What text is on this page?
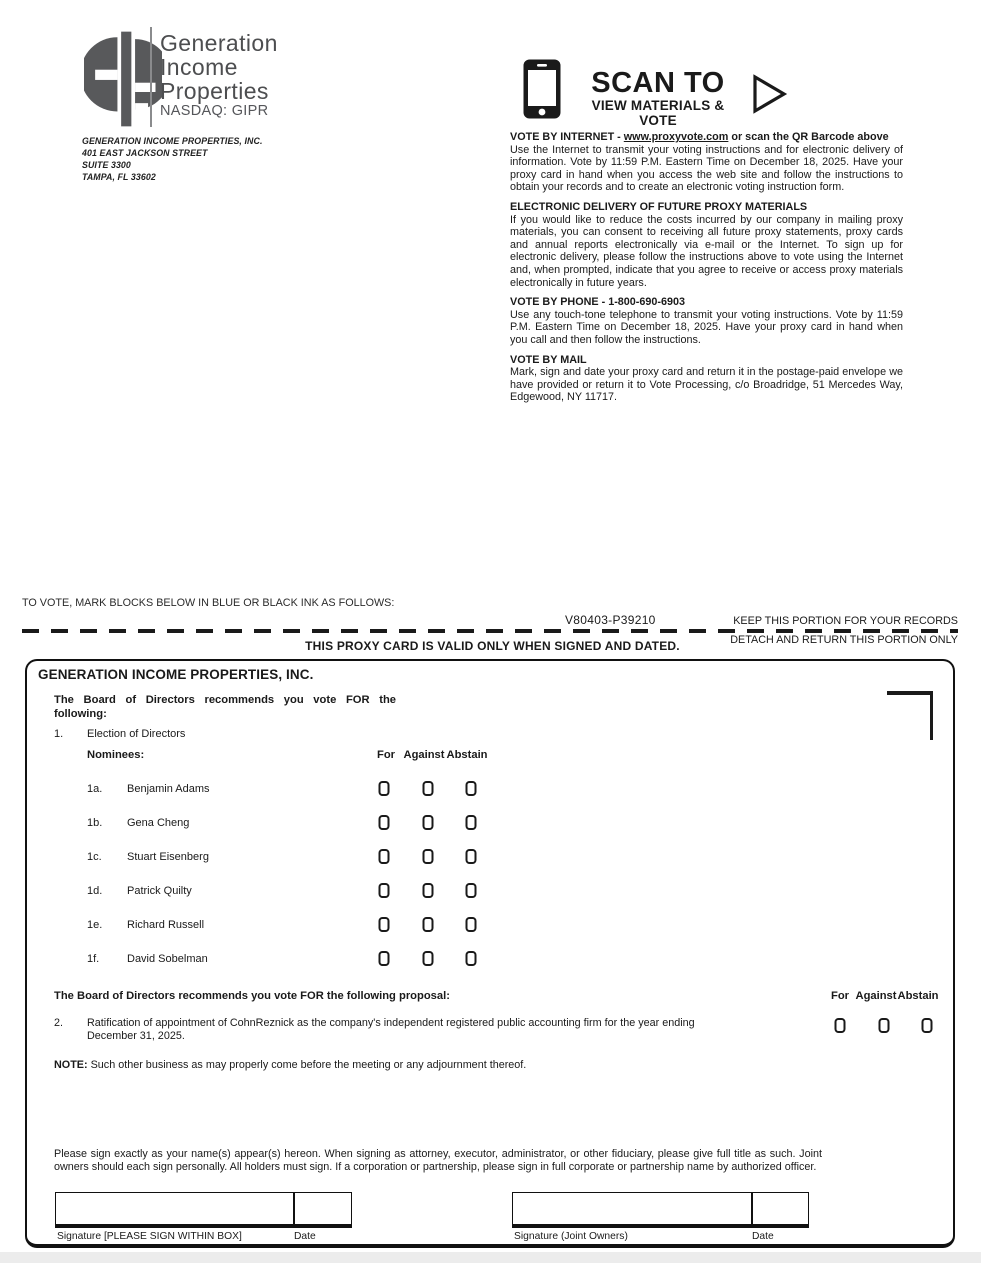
Generation
Income
Properties
NASDAQ: GIPR
GENERATION INCOME PROPERTIES, INC.
401 EAST JACKSON STREET
SUITE 3300
TAMPA, FL 33602
SCAN TO
VIEW MATERIALS & VOTE
VOTE BY INTERNET - www.proxyvote.com or scan the QR Barcode above

Use the Internet to transmit your voting instructions and for electronic delivery of information. Vote by 11:59 P.M. Eastern Time on December 18, 2025. Have your proxy card in hand when you access the web site and follow the instructions to obtain your records and to create an electronic voting instruction form.

ELECTRONIC DELIVERY OF FUTURE PROXY MATERIALS

If you would like to reduce the costs incurred by our company in mailing proxy materials, you can consent to receiving all future proxy statements, proxy cards and annual reports electronically via e-mail or the Internet. To sign up for electronic delivery, please follow the instructions above to vote using the Internet and, when prompted, indicate that you agree to receive or access proxy materials electronically in future years.

VOTE BY PHONE - 1-800-690-6903

Use any touch-tone telephone to transmit your voting instructions. Vote by 11:59 P.M. Eastern Time on December 18, 2025. Have your proxy card in hand when you call and then follow the instructions.

VOTE BY MAIL

Mark, sign and date your proxy card and return it in the postage-paid envelope we have provided or return it to Vote Processing, c/o Broadridge, 51 Mercedes Way, Edgewood, NY 11717.

TO VOTE, MARK BLOCKS BELOW IN BLUE OR BLACK INK AS FOLLOWS:
V80403-P39210	KEEP THIS PORTION FOR YOUR RECORDS
THIS PROXY CARD IS VALID ONLY WHEN SIGNED AND DATED.	DETACH AND RETURN THIS PORTION ONLY
GENERATION INCOME PROPERTIES, INC.
The Board of Directors recommends you vote FOR the following:
1. Election of Directors
Nominees:	For Against Abstain
1a. Benjamin Adams
1b. Gena Cheng
1c. Stuart Eisenberg
1d. Patrick Quilty
1e. Richard Russell
1f.	David Sobelman
The Board of Directors recommends you vote FOR the following proposal:	For Against Abstain
2. Ratification of appointment of CohnReznick as the company's independent registered public accounting firm for the year ending December 31, 2025.
NOTE: Such other business as may properly come before the meeting or any adjournment thereof.
Please sign exactly as your name(s) appear(s) hereon. When signing as attorney, executor, administrator, or other fiduciary, please give full title as such. Joint owners should each sign personally. All holders must sign. If a corporation or partnership, please sign in full corporate or partnership name by authorized officer.
Signature [PLEASE SIGN WITHIN BOX]	Date	Signature (Joint Owners)	Date
